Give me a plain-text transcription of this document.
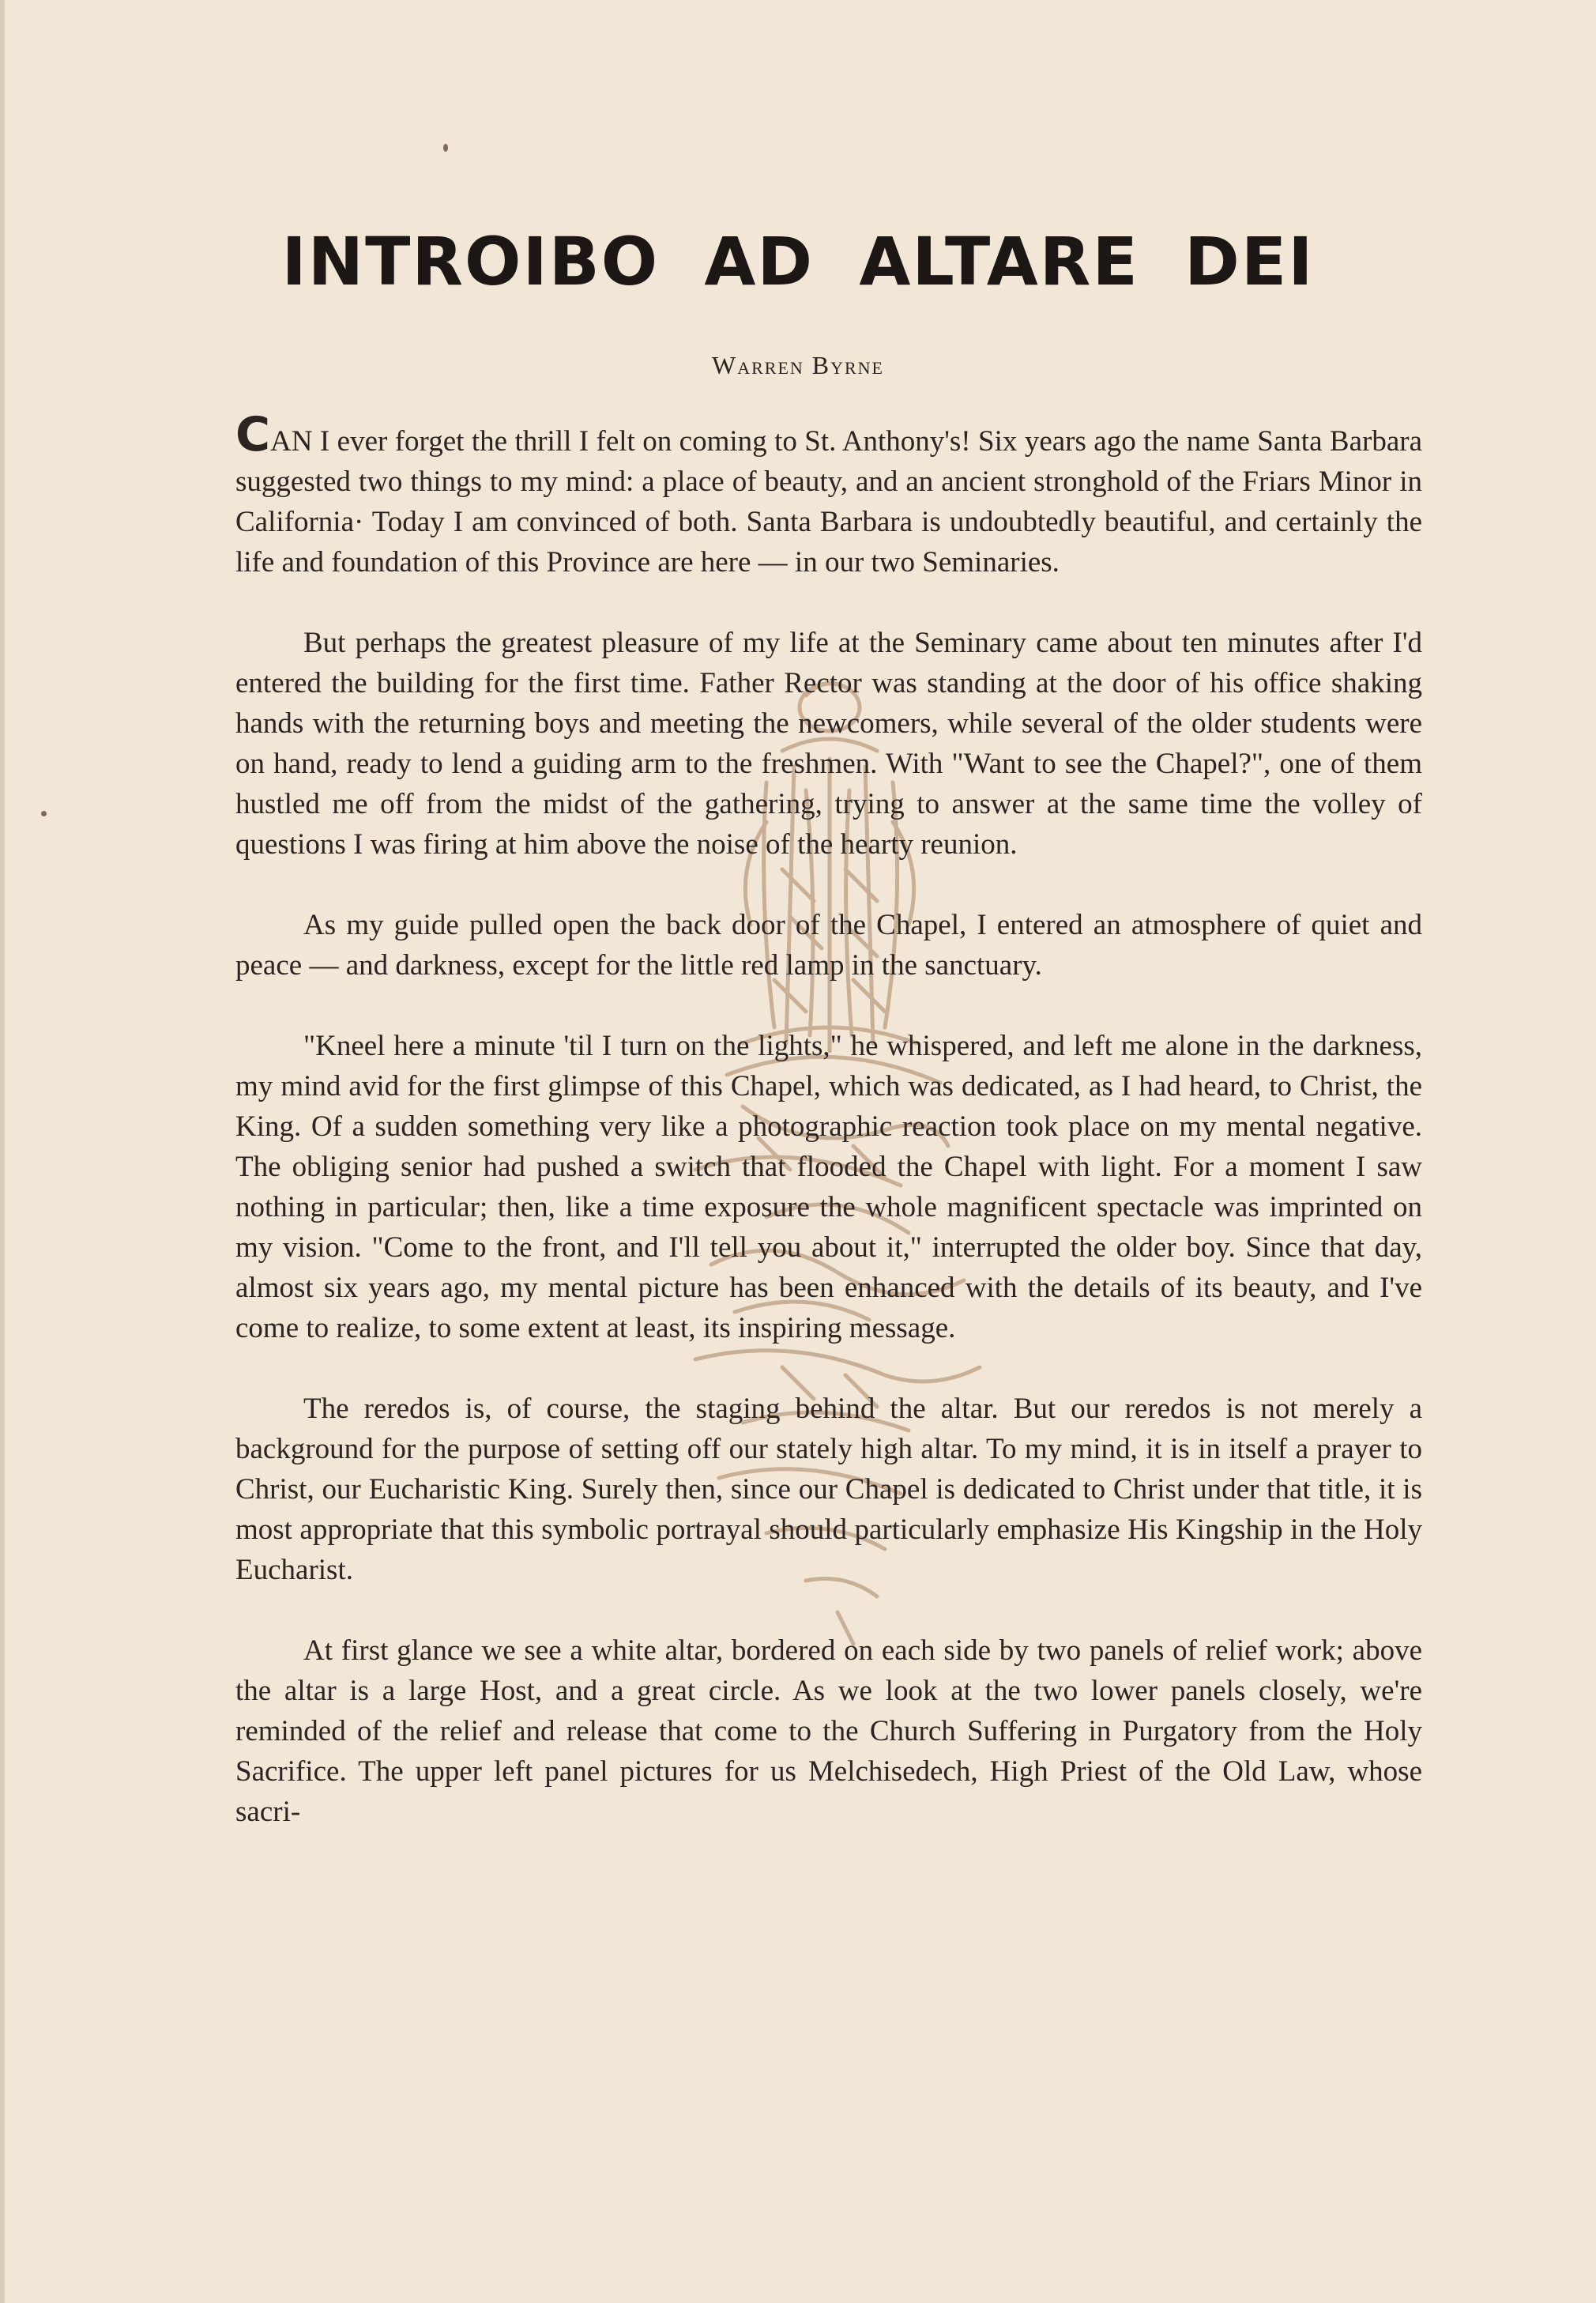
INTROIBO AD ALTARE DEI
Warren Byrne

CAN I ever forget the thrill I felt on coming to St. Anthony's! Six years ago the name Santa Barbara suggested two things to my mind: a place of beauty, and an ancient stronghold of the Friars Minor in California· Today I am convinced of both. Santa Barbara is undoubtedly beautiful, and certainly the life and foundation of this Province are here — in our two Seminaries.

But perhaps the greatest pleasure of my life at the Seminary came about ten minutes after I'd entered the building for the first time. Father Rector was standing at the door of his office shaking hands with the returning boys and meeting the newcomers, while several of the older students were on hand, ready to lend a guiding arm to the freshmen. With "Want to see the Chapel?", one of them hustled me off from the midst of the gathering, trying to answer at the same time the volley of questions I was firing at him above the noise of the hearty reunion.

As my guide pulled open the back door of the Chapel, I entered an atmosphere of quiet and peace — and darkness, except for the little red lamp in the sanctuary.

"Kneel here a minute 'til I turn on the lights," he whispered, and left me alone in the darkness, my mind avid for the first glimpse of this Chapel, which was dedicated, as I had heard, to Christ, the King. Of a sudden something very like a photographic reaction took place on my mental negative. The obliging senior had pushed a switch that flooded the Chapel with light. For a moment I saw nothing in particular; then, like a time exposure the whole magnificent spectacle was imprinted on my vision. "Come to the front, and I'll tell you about it," interrupted the older boy. Since that day, almost six years ago, my mental picture has been enhanced with the details of its beauty, and I've come to realize, to some extent at least, its inspiring message.

The reredos is, of course, the staging behind the altar. But our reredos is not merely a background for the purpose of setting off our stately high altar. To my mind, it is in itself a prayer to Christ, our Eucharistic King. Surely then, since our Chapel is dedicated to Christ under that title, it is most appropriate that this symbolic portrayal should particularly emphasize His Kingship in the Holy Eucharist.

At first glance we see a white altar, bordered on each side by two panels of relief work; above the altar is a large Host, and a great circle. As we look at the two lower panels closely, we're reminded of the relief and release that come to the Church Suffering in Purgatory from the Holy Sacrifice. The upper left panel pictures for us Melchisedech, High Priest of the Old Law, whose sacri-
